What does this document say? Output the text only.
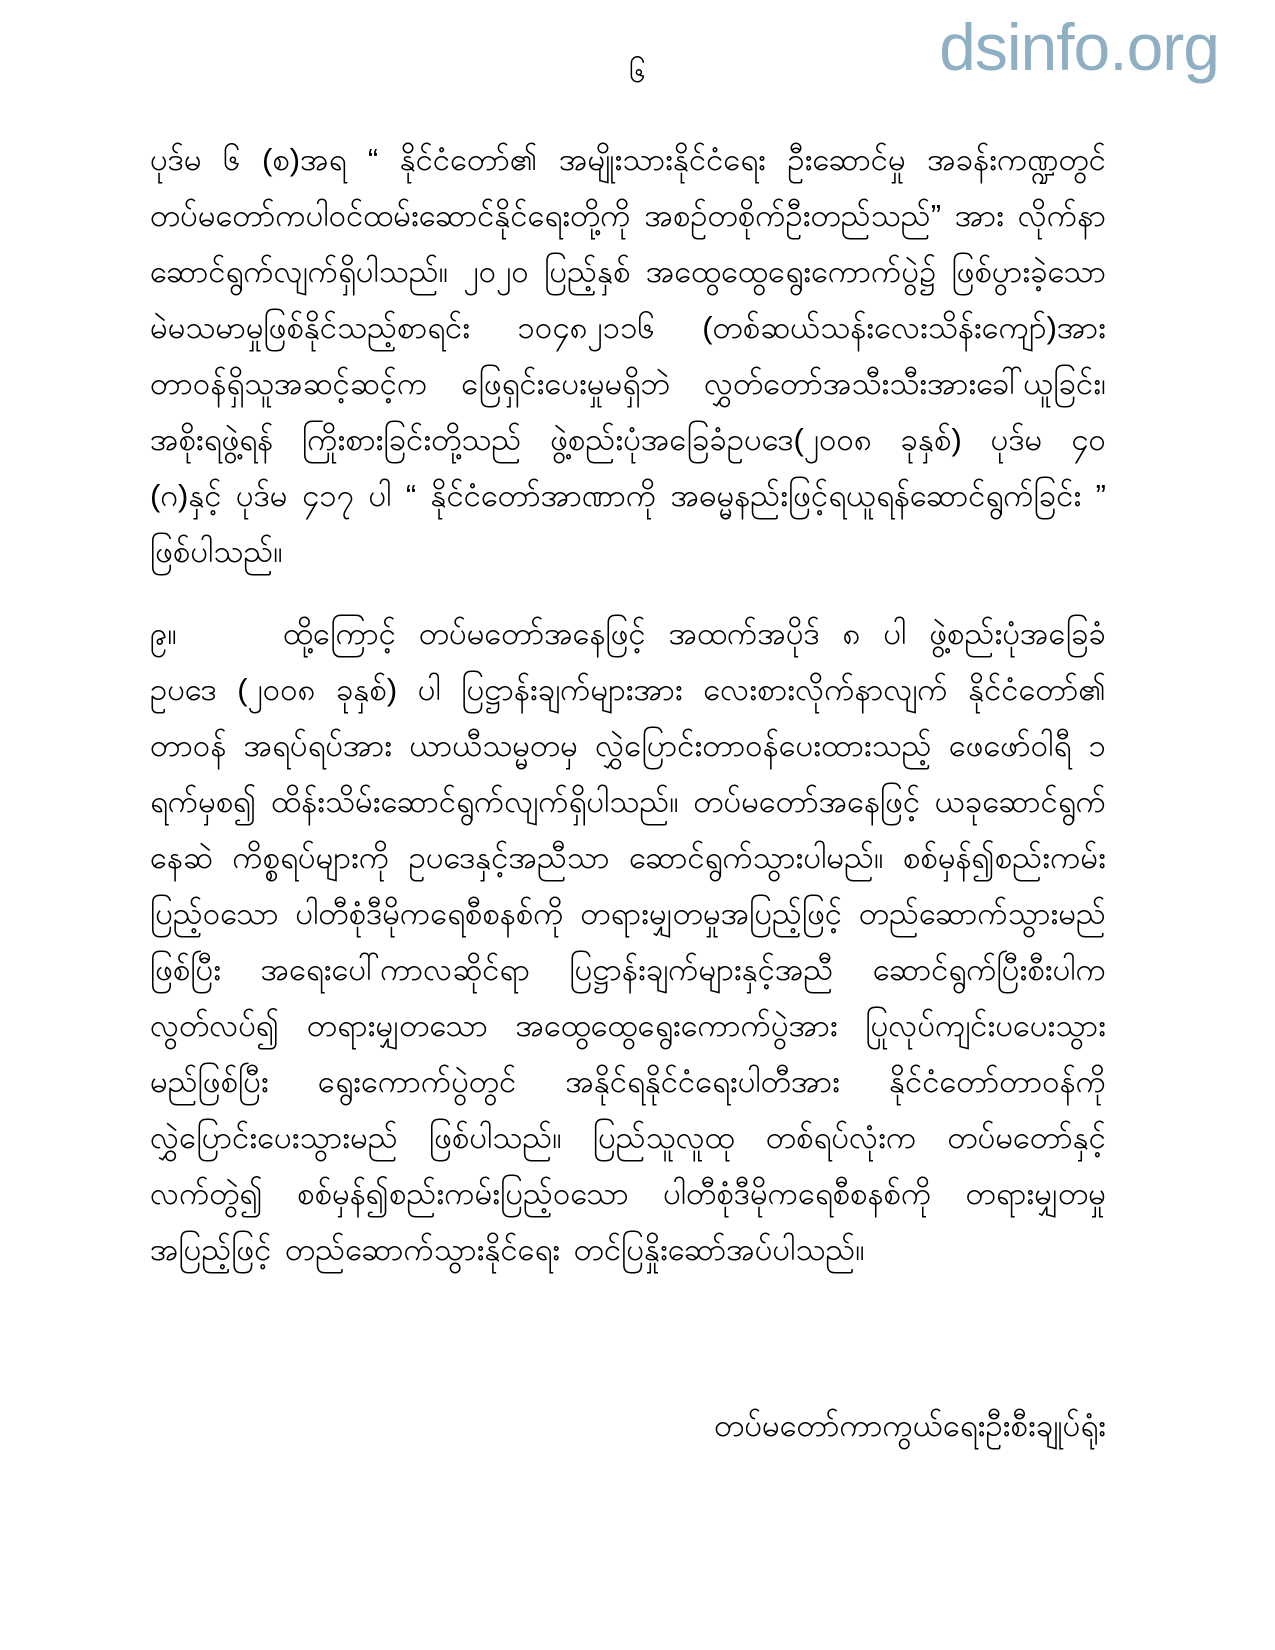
dsinfo.org
၆

ပုဒ်မ ၆ (စ)အရ “ နိုင်ငံတော်၏ အမျိုးသားနိုင်ငံရေး ဦးဆောင်မှု အခန်းကဏ္ဍတွင် တပ်မတော်ကပါဝင်ထမ်းဆောင်နိုင်ရေးတို့ကို အစဉ်တစိုက်ဦးတည်သည်” အား လိုက်နာ ဆောင်ရွက်လျက်ရှိပါသည်။ ၂၀၂၀ ပြည့်နှစ် အထွေထွေရွေးကောက်ပွဲ၌ ဖြစ်ပွားခဲ့သော မဲမသမာမှုဖြစ်နိုင်သည့်စာရင်း ၁၀၄၈၂၁၁၆ (တစ်ဆယ်သန်းလေးသိန်းကျော်)အား တာဝန်ရှိသူအဆင့်ဆင့်က ဖြေရှင်းပေးမှုမရှိဘဲ လွှတ်တော်အသီးသီးအားခေါ်ယူခြင်း၊ အစိုးရဖွဲ့ရန် ကြိုးစားခြင်းတို့သည် ဖွဲ့စည်းပုံအခြေခံဥပဒေ(၂၀၀၈ ခုနှစ်) ပုဒ်မ ၄၀ (ဂ)နှင့် ပုဒ်မ ၄၁၇ ပါ “ နိုင်ငံတော်အာဏာကို အဓမ္မနည်းဖြင့်ရယူရန်ဆောင်ရွက်ခြင်း ” ဖြစ်ပါသည်။

၉။	ထို့ကြောင့် တပ်မတော်အနေဖြင့် အထက်အပိုဒ် ၈ ပါ ဖွဲ့စည်းပုံအခြေခံဥပဒေ (၂၀၀၈ ခုနှစ်) ပါ ပြဋ္ဌာန်းချက်များအား လေးစားလိုက်နာလျက် နိုင်ငံတော်၏ တာဝန် အရပ်ရပ်အား ယာယီသမ္မတမှ လွှဲပြောင်းတာဝန်ပေးထားသည့် ဖေဖော်ဝါရီ ၁ ရက်မှစ၍ ထိန်းသိမ်းဆောင်ရွက်လျက်ရှိပါသည်။ တပ်မတော်အနေဖြင့် ယခုဆောင်ရွက်နေဆဲ ကိစ္စရပ်များကို ဥပဒေနှင့်အညီသာ ဆောင်ရွက်သွားပါမည်။ စစ်မှန်၍စည်းကမ်းပြည့်ဝသော ပါတီစုံဒီမိုကရေစီစနစ်ကို တရားမျှတမှုအပြည့်ဖြင့် တည်ဆောက်သွားမည်ဖြစ်ပြီး အရေးပေါ်ကာလဆိုင်ရာ ပြဋ္ဌာန်းချက်များနှင့်အညီ ဆောင်ရွက်ပြီးစီးပါက လွတ်လပ်၍ တရားမျှတသော အထွေထွေရွေးကောက်ပွဲအား ပြုလုပ်ကျင်းပပေးသွားမည်ဖြစ်ပြီး ရွေးကောက်ပွဲတွင် အနိုင်ရနိုင်ငံရေးပါတီအား နိုင်ငံတော်တာဝန်ကို လွှဲပြောင်းပေးသွားမည် ဖြစ်ပါသည်။ ပြည်သူလူထု တစ်ရပ်လုံးက တပ်မတော်နှင့်လက်တွဲ၍ စစ်မှန်၍စည်းကမ်းပြည့်ဝသော ပါတီစုံဒီမိုကရေစီစနစ်ကို တရားမျှတမှုအပြည့်ဖြင့် တည်ဆောက်သွားနိုင်ရေး တင်ပြနှိုးဆော်အပ်ပါသည်။

တပ်မတော်ကာကွယ်ရေးဦးစီးချုပ်ရုံး
